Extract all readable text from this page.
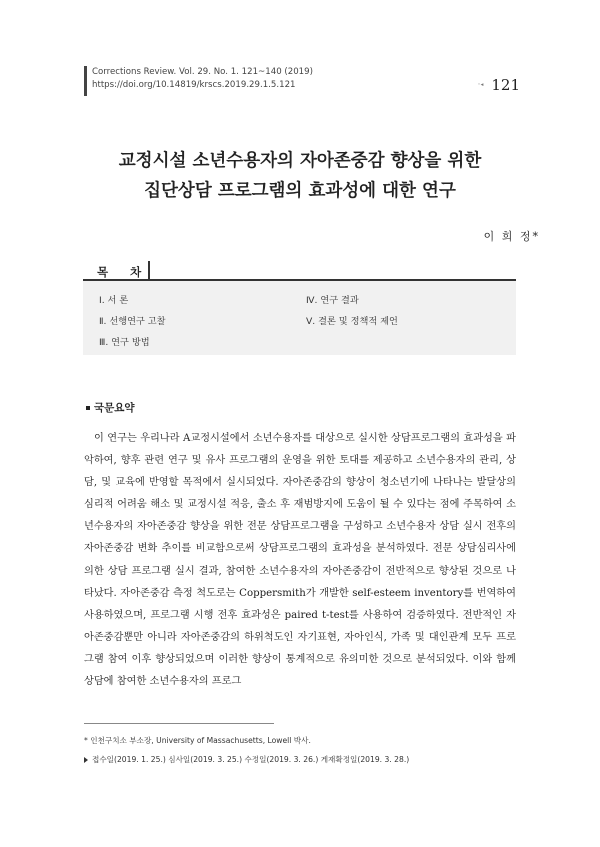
Corrections Review. Vol. 29. No. 1. 121~140 (2019)
https://doi.org/10.14819/krscs.2019.29.1.5.121	◦◂ 121
교정시설 소년수용자의 자아존중감 향상을 위한
집단상담 프로그램의 효과성에 대한 연구
이 희 정*
목 차
Ⅰ. 서 론
Ⅱ. 선행연구 고찰
Ⅲ. 연구 방법
Ⅳ. 연구 결과
Ⅴ. 결론 및 정책적 제언
국문요약

이 연구는 우리나라 A교정시설에서 소년수용자를 대상으로 실시한 상담프로그램의 효과성을 파악하여, 향후 관련 연구 및 유사 프로그램의 운영을 위한 토대를 제공하고 소년수용자의 관리, 상담, 및 교육에 반영할 목적에서 실시되었다. 자아존중감의 향상이 청소년기에 나타나는 발달상의 심리적 어려움 해소 및 교정시설 적응, 출소 후 재범방지에 도움이 될 수 있다는 점에 주목하여 소년수용자의 자아존중감 향상을 위한 전문 상담프로그램을 구성하고 소년수용자 상담 실시 전후의 자아존중감 변화 추이를 비교함으로써 상담프로그램의 효과성을 분석하였다. 전문 상담심리사에 의한 상담 프로그램 실시 결과, 참여한 소년수용자의 자아존중감이 전반적으로 향상된 것으로 나타났다. 자아존중감 측정 척도로는 Coppersmith가 개발한 self-esteem inventory를 번역하여 사용하였으며, 프로그램 시행 전후 효과성은 paired t-test를 사용하여 검증하였다. 전반적인 자아존중감뿐만 아니라 자아존중감의 하위척도인 자기표현, 자아인식, 가족 및 대인관계 모두 프로그램 참여 이후 향상되었으며 이러한 향상이 통계적으로 유의미한 것으로 분석되었다. 이와 함께 상담에 참여한 소년수용자의 프로그

* 인천구치소 부소장, University of Massachusetts, Lowell 박사.
접수일(2019. 1. 25.) 심사일(2019. 3. 25.) 수정일(2019. 3. 26.) 게재확정일(2019. 3. 28.)
